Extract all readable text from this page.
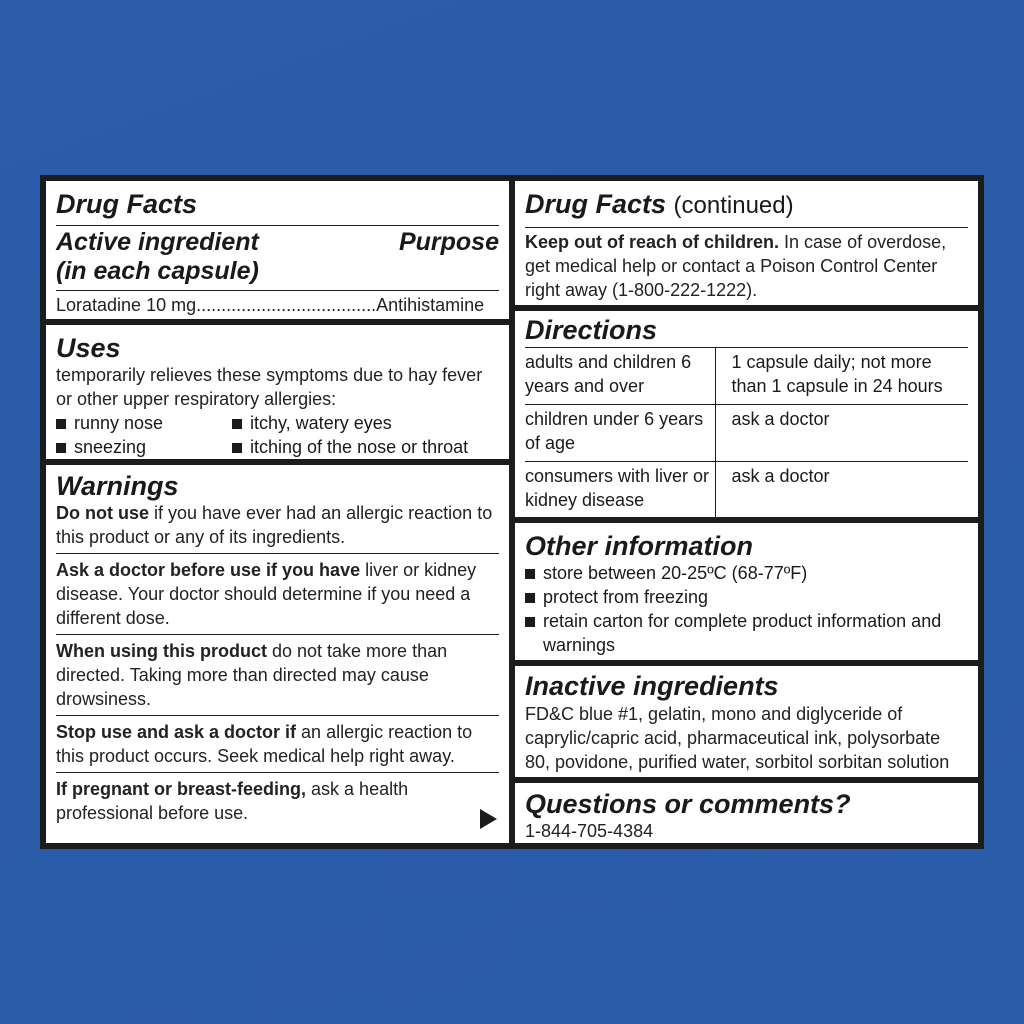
Drug Facts
Active ingredient	Purpose
(in each capsule)
Loratadine 10 mg....................................Antihistamine
Uses
temporarily relieves these symptoms due to hay fever or other upper respiratory allergies:
runny nose	itchy, watery eyes
sneezing	itching of the nose or throat
Warnings
Do not use if you have ever had an allergic reaction to this product or any of its ingredients.
Ask a doctor before use if you have liver or kidney disease. Your doctor should determine if you need a different dose.
When using this product do not take more than directed. Taking more than directed may cause drowsiness.
Stop use and ask a doctor if an allergic reaction to this product occurs. Seek medical help right away.
If pregnant or breast-feeding, ask a health professional before use.
Drug Facts (continued)
Keep out of reach of children. In case of overdose, get medical help or contact a Poison Control Center right away (1-800-222-1222).
Directions
adults and children 6 years and over	1 capsule daily; not more than 1 capsule in 24 hours
children under 6 years of age	ask a doctor
consumers with liver or kidney disease	ask a doctor
Other information
store between 20-25ºC (68-77ºF)
protect from freezing
retain carton for complete product information and warnings
Inactive ingredients
FD&C blue #1, gelatin, mono and diglyceride of caprylic/capric acid, pharmaceutical ink, polysorbate 80, povidone, purified water, sorbitol sorbitan solution
Questions or comments?
1-844-705-4384
